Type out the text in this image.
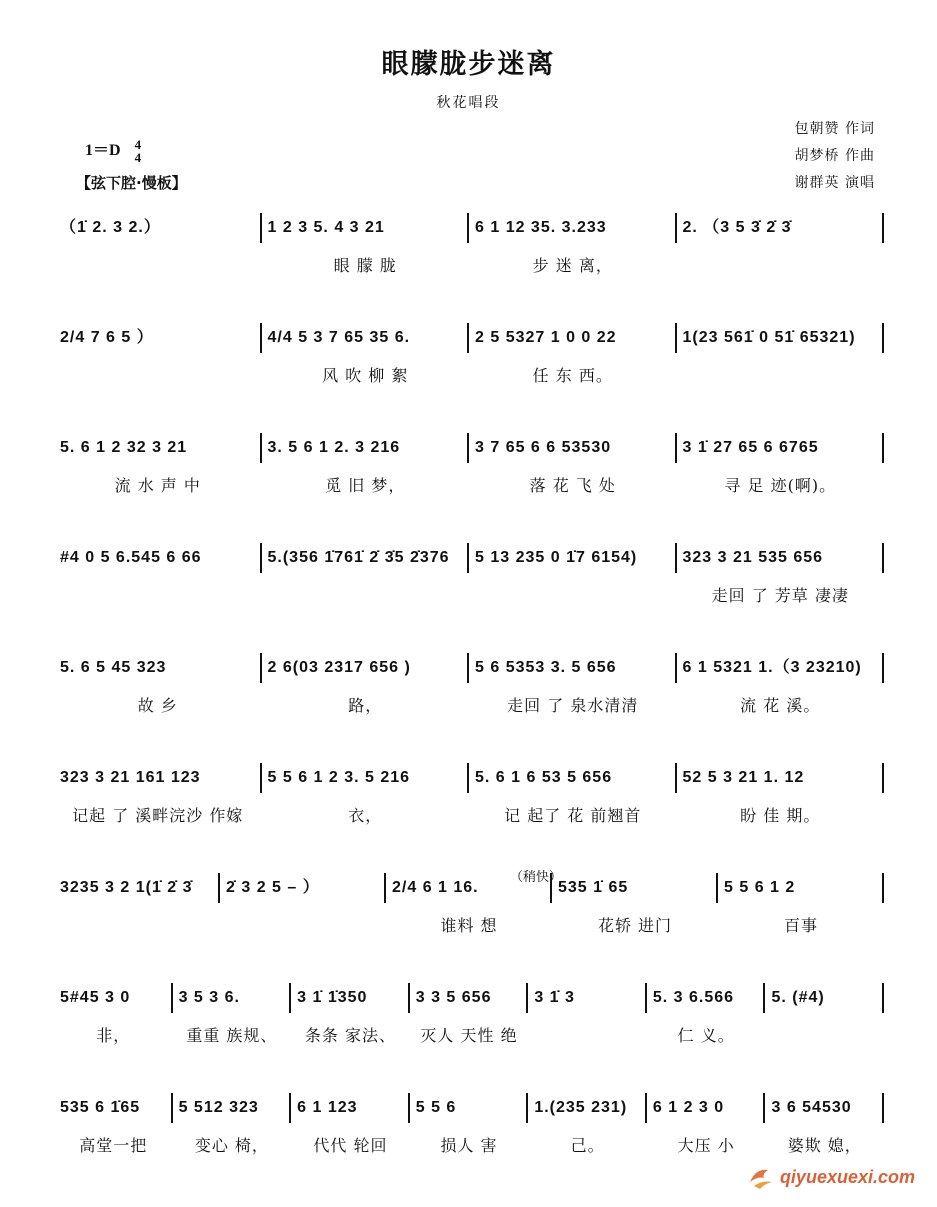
眼朦胧步迷离
秋花唱段
包朝赞 作词
胡梦桥 作曲
谢群英 演唱
1＝D 4
4
【弦下腔·慢板】
（1̇ 2. 3 2.）	1 2 3 5. 4 3 21	6 1 12 35. 3.233	2. （3 5 3̇ 2̇ 3̇
眼 朦 胧	步 迷 离，
2/4 7 6 5 ）	4/4 5 3 7 65 35 6.	2 5 5327 1 0 0 22	1(23 561̇ 0 51̇ 65321)
风 吹 柳 絮	任 东 西。
5. 6 1 2 32 3 21	3. 5 6 1 2. 3 216	3 7 65 6 6 53530	3 1̇ 27 65 6 6765
流 水 声 中	觅 旧 梦，	落 花 飞 处	寻 足 迹(啊)。
#4 0 5 6.545 6 66	5.(356 1̇761̇ 2̇ 3̇5 2̇376	5 13 235 0 1̇7 6154)	323 3 21 535 656
走回 了 芳草 凄凄
5. 6 5 45 323	2 6(03 2317 656 )	5 6 5353 3. 5 656	6 1 5321 1.（3 23210)
故 乡	路，	走回 了 泉水清清	流 花 溪。
323 3 21 161 123	5 5 6 1 2 3. 5 216	5. 6 1 6 53 5 656	52 5 3 21 1. 12
记起 了 溪畔浣沙 作嫁	衣，	记 起了 花 前翘首	盼 佳 期。
3235 3 2 1(1̇ 2̇ 3̇	2̇ 3 2 5 – ）	2/4 6 1 16.	535 1̇ 65	5 5 6 1 2
谁料 想	花轿 进门	百事
5#45 3 0	3 5 3 6.	3 1̇ 1̇350	3 3 5 656	3 1̇ 3	5. 3 6.566	5. (#4)
非，	重重 族规、	条条 家法、	灭人 天性 绝	仁 义。
535 6 1̇65	5 512 323	6 1 123	5 5 6	1.(235 231)	6 1 2 3 0	3 6 54530
高堂一把	变心 椅，	代代 轮回	损人 害	己。	大压 小	婆欺 媳，
（稍快）
qiyuexuexi.com
